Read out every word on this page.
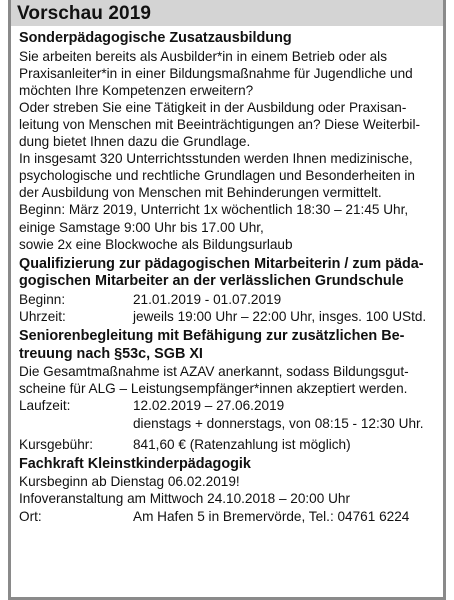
Vorschau 2019

Sonderpädagogische Zusatzausbildung

Sie arbeiten bereits als Ausbilder*in in einem Betrieb oder als

Praxisanleiter*in in einer Bildungsmaßnahme für Jugendliche und

möchten Ihre Kompetenzen erweitern?

Oder streben Sie eine Tätigkeit in der Ausbildung oder Praxisan-

leitung von Menschen mit Beeinträchtigungen an? Diese Weiterbil-

dung bietet Ihnen dazu die Grundlage.

In insgesamt 320 Unterrichtsstunden werden Ihnen medizinische,

psychologische und rechtliche Grundlagen und Besonderheiten in

der Ausbildung von Menschen mit Behinderungen vermittelt.

Beginn: März 2019, Unterricht 1x wöchentlich 18:30 – 21:45 Uhr,

einige Samstage 9:00 Uhr bis 17.00 Uhr,

sowie 2x eine Blockwoche als Bildungsurlaub

Qualifizierung zur pädagogischen Mitarbeiterin / zum päda-

gogischen Mitarbeiter an der verlässlichen Grundschule

Beginn:	21.01.2019 - 01.07.2019
Uhrzeit:	jeweils 19:00 Uhr – 22:00 Uhr, insges. 100 UStd.

Seniorenbegleitung mit Befähigung zur zusätzlichen Be-

treuung nach §53c, SGB XI

Die Gesamtmaßnahme ist AZAV anerkannt, sodass Bildungsgut-

scheine für ALG – Leistungsempfänger*innen akzeptiert werden.

Laufzeit:	12.02.2019 – 27.06.2019

dienstags + donnerstags, von 08:15 - 12:30 Uhr.

Kursgebühr:	841,60 € (Ratenzahlung ist möglich)

Fachkraft Kleinstkinderpädagogik

Kursbeginn ab Dienstag 06.02.2019!

Infoveranstaltung am Mittwoch 24.10.2018 – 20:00 Uhr

Ort:	Am Hafen 5 in Bremervörde, Tel.: 04761 6224
